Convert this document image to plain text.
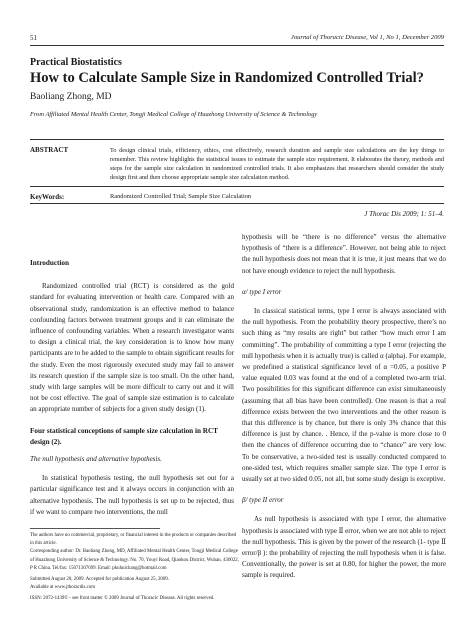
51	Journal of Thoracic Disease, Vol 1, No 1, December 2009
Practical Biostatistics
How to Calculate Sample Size in Randomized Controlled Trial?
Baoliang Zhong, MD
From Affiliated Mental Health Center, Tongji Medical College of Huazhong University of Science & Technology
ABSTRACT	To design clinical trials, efficiency, ethics, cost effectively, research duration and sample size calculations are the key things to remember. This review highlights the statistical issues to estimate the sample size requirement. It elaborates the theory, methods and steps for the sample size calculation in randomized controlled trials. It also emphasizes that researchers should consider the study design first and then choose appropriate sample size calculation method.
KeyWords:	Randomized Controlled Trial; Sample Size Calculation
J Thorac Dis 2009; 1: 51–4.
Introduction

Randomized controlled trial (RCT) is considered as the gold standard for evaluating intervention or health care. Compared with an observational study, randomization is an effective method to balance confounding factors between treatment groups and it can eliminate the influence of confounding variables. When a research investigator wants to design a clinical trial, the key consideration is to know how many participants are to be added to the sample to obtain significant results for the study. Even the most rigorously executed study may fail to answer its research question if the sample size is too small. On the other hand, study with large samples will be more difficult to carry out and it will not be cost effective. The goal of sample size estimation is to calculate an appropriate number of subjects for a given study design (1).

Four statistical conceptions of sample size calculation in RCT design (2).
The null hypothesis and alternative hypothesis.

In statistical hypothesis testing, the null hypothesis set out for a particular significance test and it always occurs in conjunction with an alternative hypothesis. The null hypothesis is set up to be rejected, thus if we want to compare two interventions, the null

The authors have no commercial, proprietary, or financial interest in the products or companies described in this article.
Corresponding author: Dr. Baoliang Zhong, MD, Affiliated Mental Health Center, Tongji Medical College of Huazhong University of Science & Technology. No. 70, Youyi Road, Qiaokou District, Wuhan, 430022, P R China. Tel/fax: 15071307699. Email: pkuhuichang@hotmail.com
Submitted August 20, 2009. Accepted for publication August 25, 2009.
Available at www.jthoracdis.com
ISSN: 2072-1439© - see front matter © 2009 Journal of Thoracic Disease. All rights reserved.

hypothesis will be “there is no difference” versus the alternative hypothesis of “there is a difference”. However, not being able to reject the null hypothesis does not mean that it is true, it just means that we do not have enough evidence to reject the null hypothesis.

α/ type I error

In classical statistical terms, type I error is always associated with the null hypothesis. From the probability theory prospective, there’s no such thing as “my results are right” but rather “how much error I am committing”. The probability of committing a type I error (rejecting the null hypothesis when it is actually true) is called α (alpha). For example, we predefined a statistical significance level of α =0.05, a positive P value equaled 0.03 was found at the end of a completed two-arm trial. Two possibilities for this significant difference can exist simultaneously (assuming that all bias have been controlled). One reason is that a real difference exists between the two interventions and the other reason is that this difference is by chance, but there is only 3% chance that this difference is just by chance. . Hence, if the p-value is more close to 0 then the chances of difference occurring due to “chance” are very low. To be conservative, a two-sided test is usually conducted compared to one-sided test, which requires smaller sample size. The type I error is usually set at two sided 0.05, not all, but some study design is exceptive.

β/ type II error

As null hypothesis is associated with type I error, the alternative hypothesis is associated with type Ⅱ error, when we are not able to reject the null hypothesis. This is given by the power of the research (1- type Ⅱ error/β ): the probability of rejecting the null hypothesis when it is false. Conventionally, the power is set at 0.80, for higher the power, the more sample is required.
